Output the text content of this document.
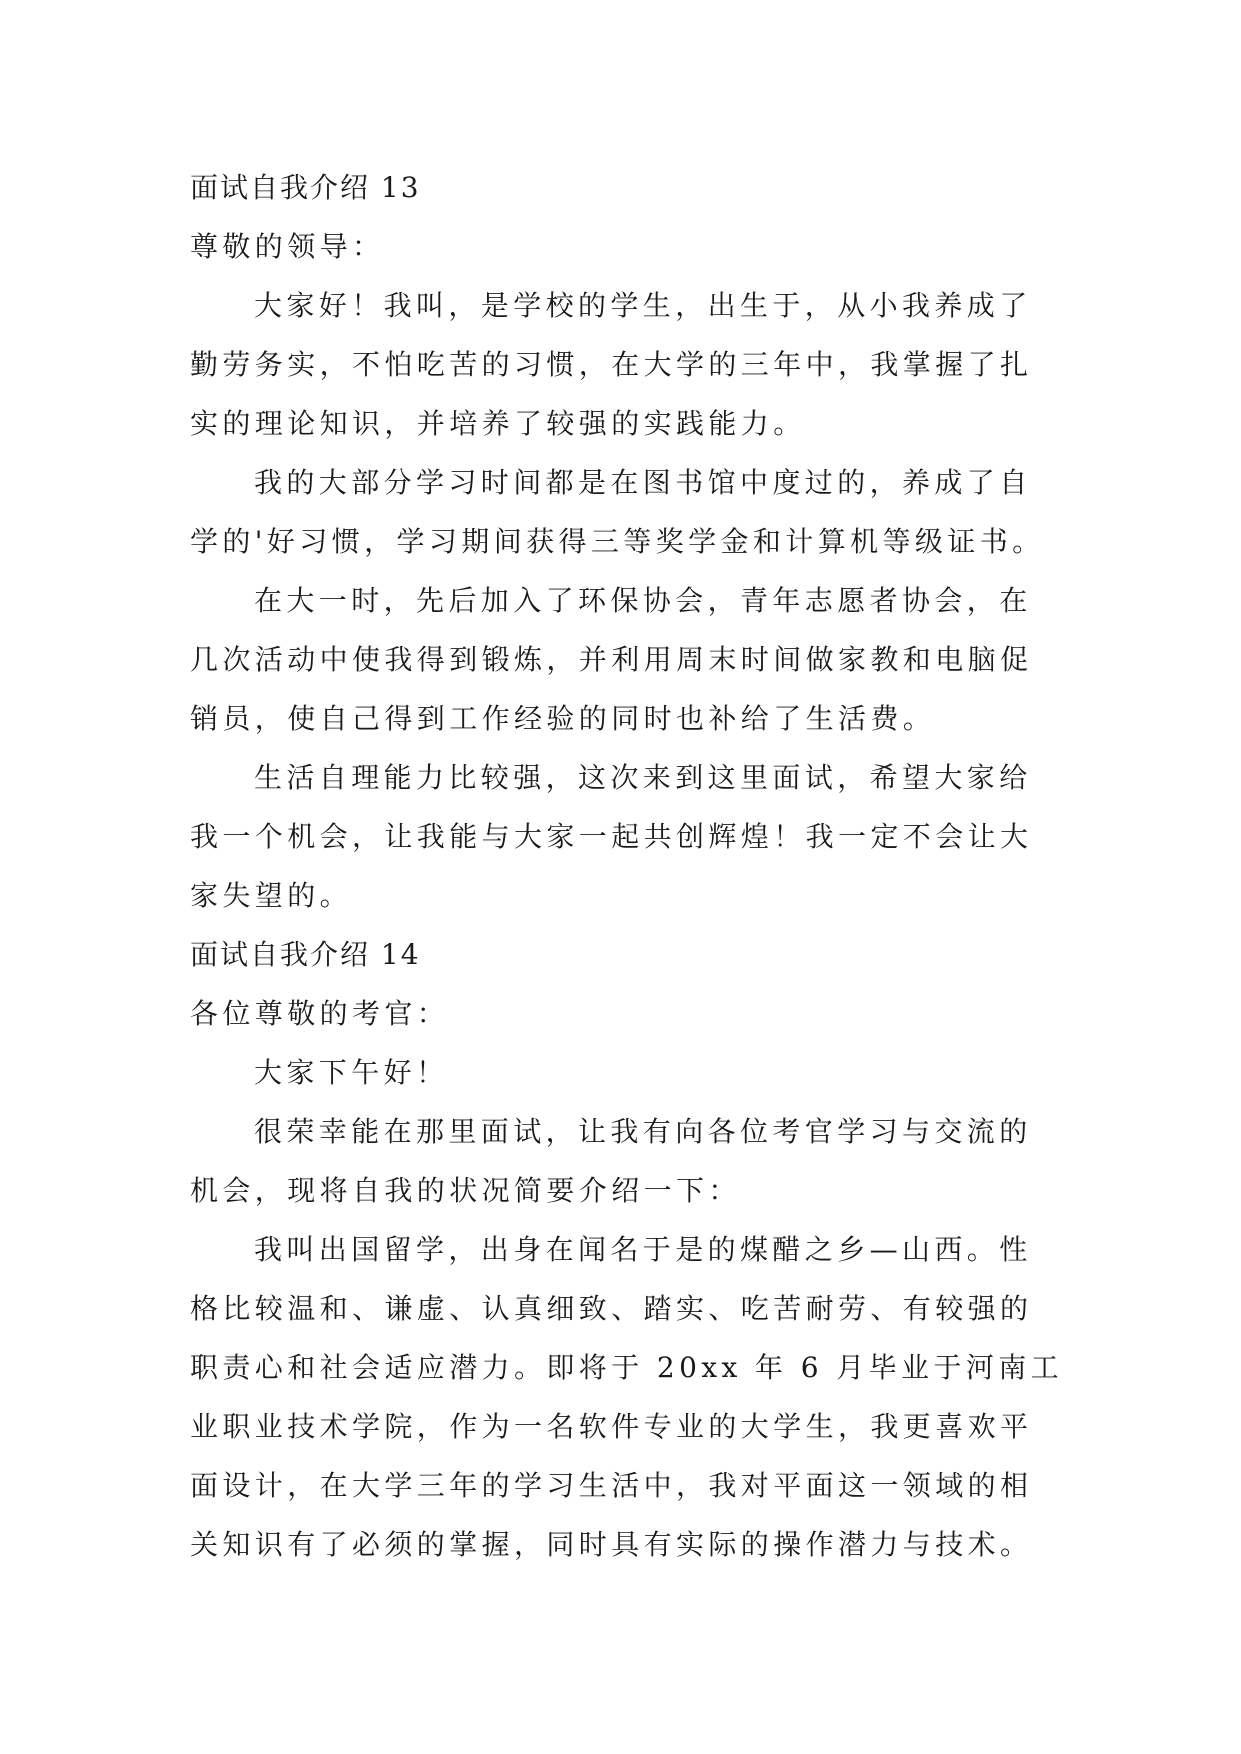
面试自我介绍 13
尊敬的领导：
大家好！我叫，是学校的学生，出生于，从小我养成了
勤劳务实，不怕吃苦的习惯，在大学的三年中，我掌握了扎
实的理论知识，并培养了较强的实践能力。
我的大部分学习时间都是在图书馆中度过的，养成了自
学的'好习惯，学习期间获得三等奖学金和计算机等级证书。
在大一时，先后加入了环保协会，青年志愿者协会，在
几次活动中使我得到锻炼，并利用周末时间做家教和电脑促
销员，使自己得到工作经验的同时也补给了生活费。
生活自理能力比较强，这次来到这里面试，希望大家给
我一个机会，让我能与大家一起共创辉煌！我一定不会让大
家失望的。
面试自我介绍 14
各位尊敬的考官：
大家下午好！
很荣幸能在那里面试，让我有向各位考官学习与交流的
机会，现将自我的状况简要介绍一下：
我叫出国留学，出身在闻名于是的煤醋之乡—山西。性
格比较温和、谦虚、认真细致、踏实、吃苦耐劳、有较强的
职责心和社会适应潜力。即将于 20xx 年 6 月毕业于河南工
业职业技术学院，作为一名软件专业的大学生，我更喜欢平
面设计，在大学三年的学习生活中，我对平面这一领域的相
关知识有了必须的掌握，同时具有实际的操作潜力与技术。
